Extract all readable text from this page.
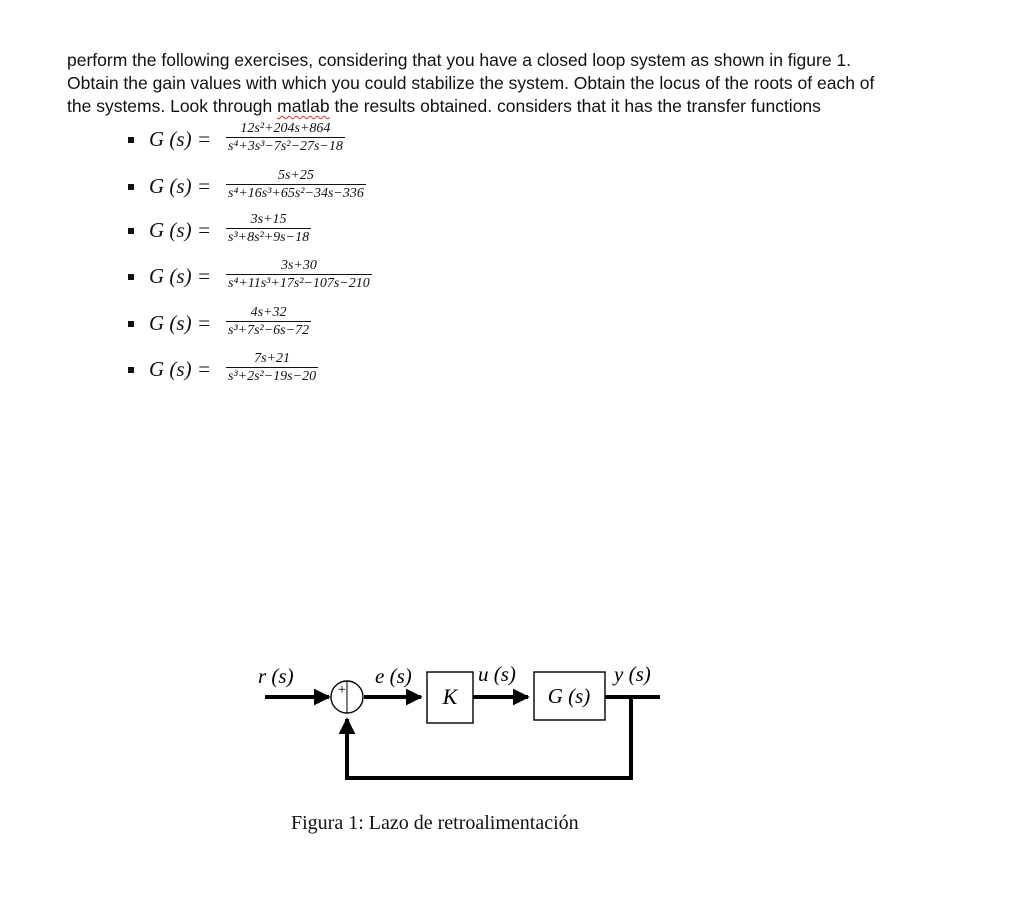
perform the following exercises, considering that you have a closed loop system as shown in figure 1.
Obtain the gain values with which you could stabilize the system. Obtain the locus of the roots of each of
the systems. Look through matlab the results obtained. considers that it has the transfer functions
G $(s) = \frac{\text{12s²+204s+864}}{\text{s⁴+3s³−7s²−27s−18}}$
G $(s) = \frac{5s+25}{\text{s⁴+16s³+65s²−34s−336}}$
G $(s) = \frac{3s+15}{\text{s³+8s²+9s−18}}$
G $(s) = \frac{3s+30}{\text{s⁴+11s³+17s²−107s−210}}$
G $(s) = \frac{4s+32}{\text{s³+7s²−6s−72}}$
G $(s) = \frac{7s+21}{\text{s³+2s²−19s−20}}$
+	K	G (s)
r (s)	e (s)	u (s)	y (s)
Figura 1: Lazo de retroalimentación
